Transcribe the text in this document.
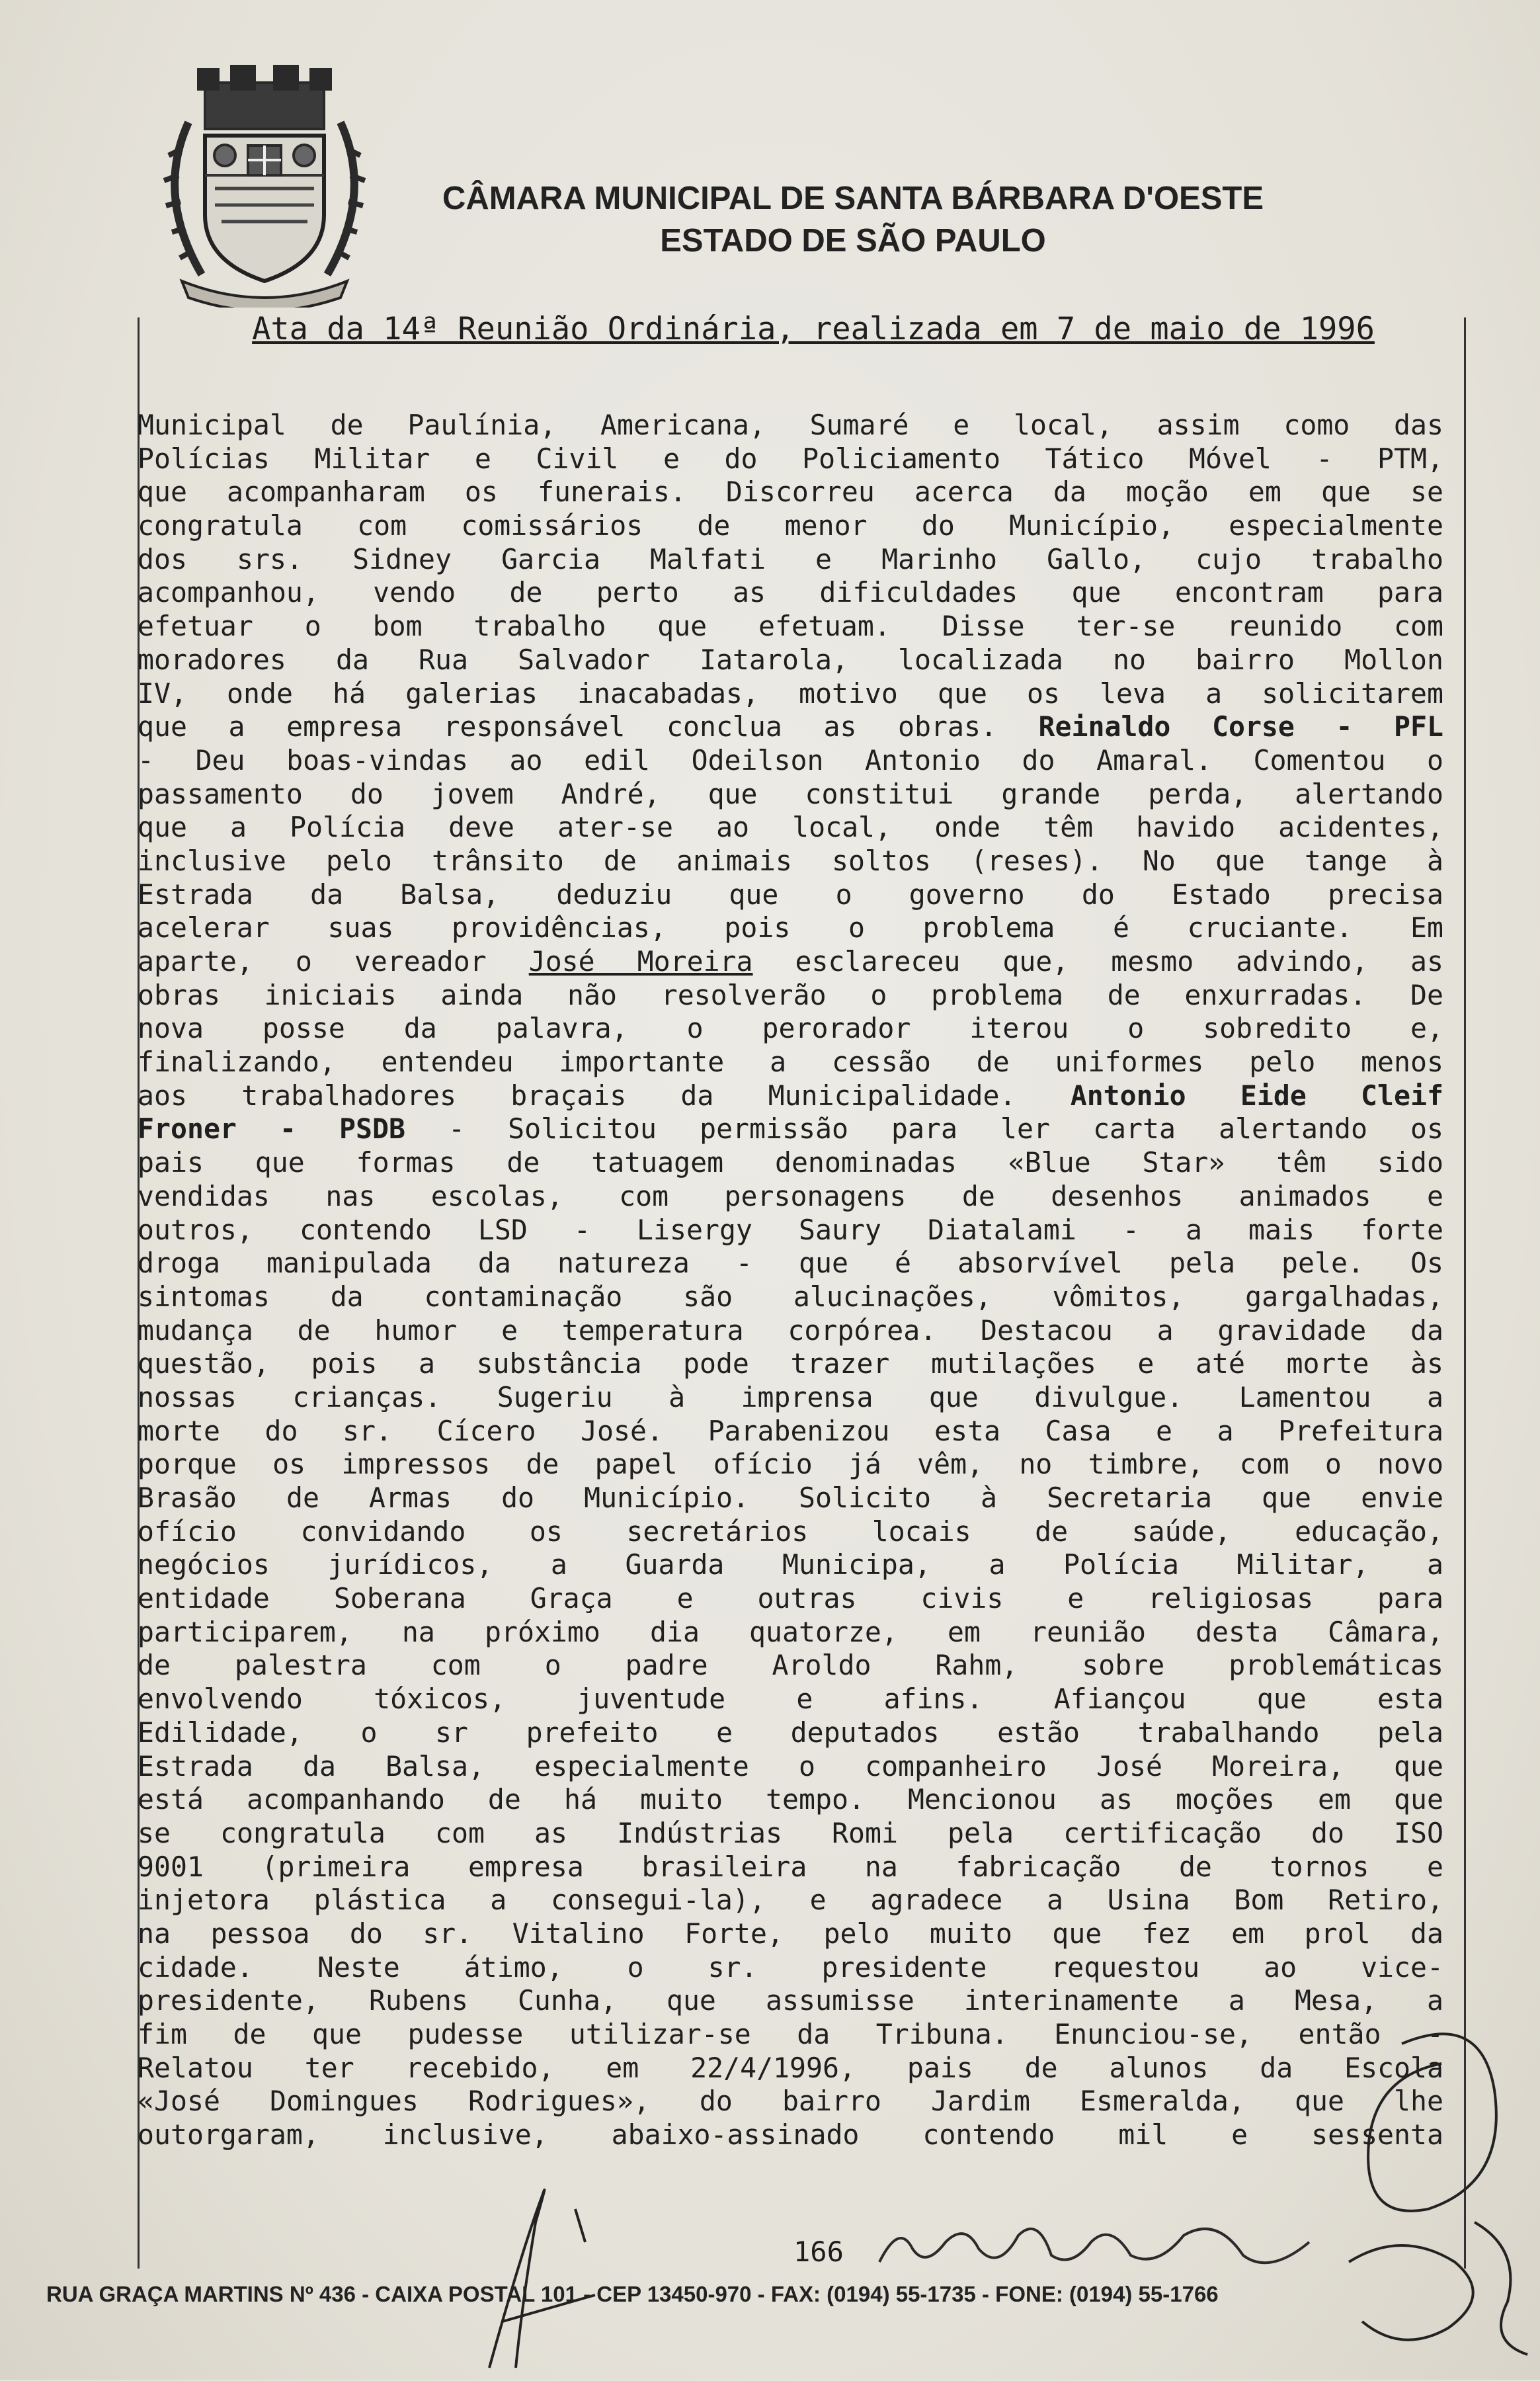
CÂMARA MUNICIPAL DE SANTA BÁRBARA D'OESTE
ESTADO DE SÃO PAULO
Ata da 14ª Reunião Ordinária, realizada em 7 de maio de 1996
Municipal de Paulínia, Americana, Sumaré e local, assim como das
Polícias Militar e Civil e do Policiamento Tático Móvel - PTM,
que acompanharam os funerais. Discorreu acerca da moção em que se
congratula com comissários de menor do Município, especialmente
dos srs. Sidney Garcia Malfati e Marinho Gallo, cujo trabalho
acompanhou, vendo de perto as dificuldades que encontram para
efetuar o bom trabalho que efetuam. Disse ter-se reunido com
moradores da Rua Salvador Iatarola, localizada no bairro Mollon
IV, onde há galerias inacabadas, motivo que os leva a solicitarem
que a empresa responsável conclua as obras. Reinaldo Corse - PFL
- Deu boas-vindas ao edil Odeilson Antonio do Amaral. Comentou o
passamento do jovem André, que constitui grande perda, alertando
que a Polícia deve ater-se ao local, onde têm havido acidentes,
inclusive pelo trânsito de animais soltos (reses). No que tange à
Estrada da Balsa, deduziu que o governo do Estado precisa
acelerar suas providências, pois o problema é cruciante. Em
aparte, o vereador José Moreira esclareceu que, mesmo advindo, as
obras iniciais ainda não resolverão o problema de enxurradas. De
nova posse da palavra, o perorador iterou o sobredito e,
finalizando, entendeu importante a cessão de uniformes pelo menos
aos trabalhadores braçais da Municipalidade. Antonio Eide Cleif
Froner - PSDB - Solicitou permissão para ler carta alertando os
pais que formas de tatuagem denominadas «Blue Star» têm sido
vendidas nas escolas, com personagens de desenhos animados e
outros, contendo LSD - Lisergy Saury Diatalami - a mais forte
droga manipulada da natureza - que é absorvível pela pele. Os
sintomas da contaminação são alucinações, vômitos, gargalhadas,
mudança de humor e temperatura corpórea. Destacou a gravidade da
questão, pois a substância pode trazer mutilações e até morte às
nossas crianças. Sugeriu à imprensa que divulgue. Lamentou a
morte do sr. Cícero José. Parabenizou esta Casa e a Prefeitura
porque os impressos de papel ofício já vêm, no timbre, com o novo
Brasão de Armas do Município. Solicito à Secretaria que envie
ofício convidando os secretários locais de saúde, educação,
negócios jurídicos, a Guarda Municipa, a Polícia Militar, a
entidade Soberana Graça e outras civis e religiosas para
participarem, na próximo dia quatorze, em reunião desta Câmara,
de palestra com o padre Aroldo Rahm, sobre problemáticas
envolvendo tóxicos, juventude e afins. Afiançou que esta
Edilidade, o sr prefeito e deputados estão trabalhando pela
Estrada da Balsa, especialmente o companheiro José Moreira, que
está acompanhando de há muito tempo. Mencionou as moções em que
se congratula com as Indústrias Romi pela certificação do ISO
9001 (primeira empresa brasileira na fabricação de tornos e
injetora plástica a consegui-la), e agradece a Usina Bom Retiro,
na pessoa do sr. Vitalino Forte, pelo muito que fez em prol da
cidade. Neste átimo, o sr. presidente requestou ao vice-
presidente, Rubens Cunha, que assumisse interinamente a Mesa, a
fim de que pudesse utilizar-se da Tribuna. Enunciou-se, então -
Relatou ter recebido, em 22/4/1996, pais de alunos da Escola
«José Domingues Rodrigues», do bairro Jardim Esmeralda, que lhe
outorgaram, inclusive, abaixo-assinado contendo mil e sessenta
166
RUA GRAÇA MARTINS Nº 436 - CAIXA POSTAL 101 - CEP 13450-970 - FAX: (0194) 55-1735 - FONE: (0194) 55-1766
